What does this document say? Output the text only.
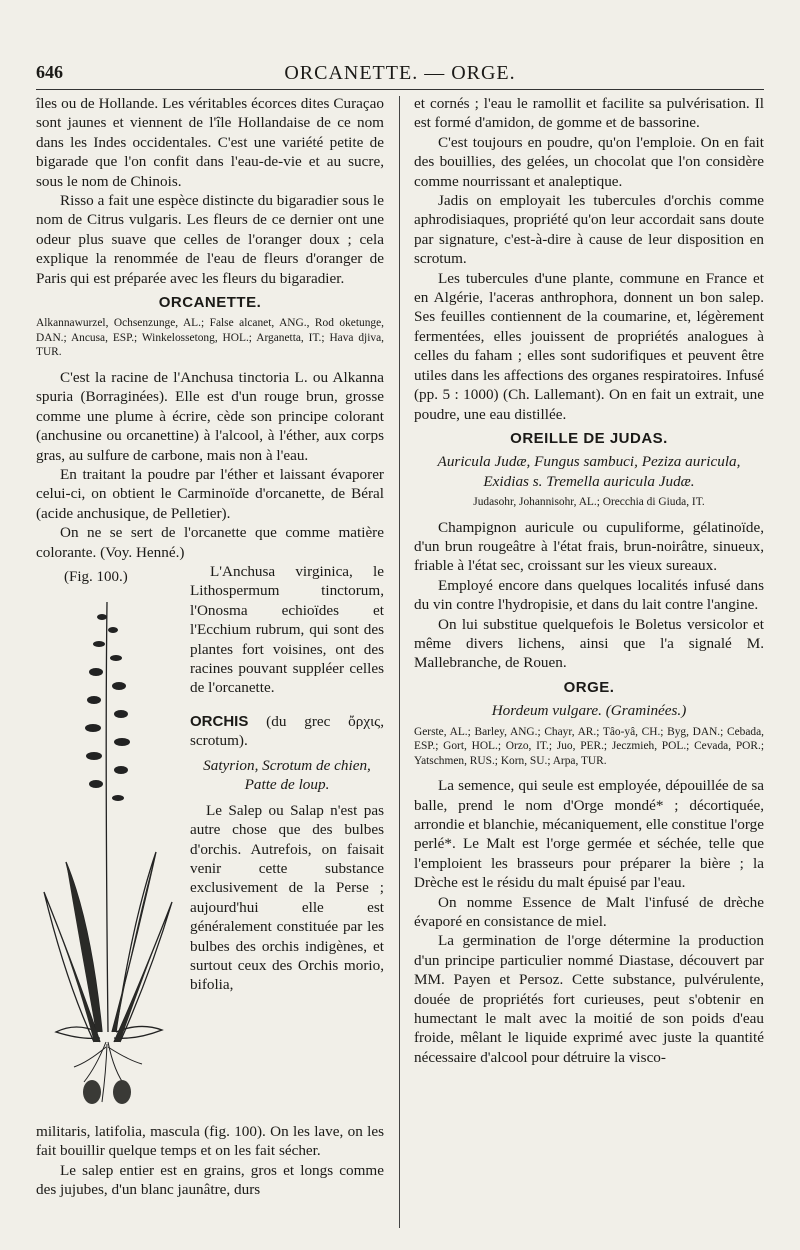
646	ORCANETTE. — ORGE.

îles ou de Hollande. Les véritables écorces dites Curaçao sont jaunes et viennent de l'île Hollandaise de ce nom dans les Indes occidentales. C'est une variété petite de bigarade que l'on confit dans l'eau-de-vie et au sucre, sous le nom de Chinois.

Risso a fait une espèce distincte du bigaradier sous le nom de Citrus vulgaris. Les fleurs de ce dernier ont une odeur plus suave que celles de l'oranger doux ; cela explique la renommée de l'eau de fleurs d'oranger de Paris qui est préparée avec les fleurs du bigaradier.

ORCANETTE.

Alkannawurzel, Ochsenzunge, AL.; False alcanet, ANG., Rod oketunge, DAN.; Ancusa, ESP.; Winkelossetong, HOL.; Arganetta, IT.; Hava djiva, TUR.

C'est la racine de l'Anchusa tinctoria L. ou Alkanna spuria (Borraginées). Elle est d'un rouge brun, grosse comme une plume à écrire, cède son principe colorant (anchusine ou orcanettine) à l'alcool, à l'éther, aux corps gras, au sulfure de carbone, mais non à l'eau.

En traitant la poudre par l'éther et laissant évaporer celui-ci, on obtient le Carminoïde d'orcanette, de Béral (acide anchusique, de Pelletier).

On ne se sert de l'orcanette que comme matière colorante. (Voy. Henné.)

(Fig. 100.)	L'Anchusa virginica, le Lithospermum tinctorum, l'Onosma echioïdes et l'Ecchium rubrum, qui sont des plantes fort voisines, ont des racines pouvant suppléer celles de l'orcanette.

ORCHIS (du grec ὄρχις, scrotum).

Satyrion, Scrotum de chien, Patte de loup.

Le Salep ou Salap n'est pas autre chose que des bulbes d'orchis. Autrefois, on faisait venir cette substance exclusivement de la Perse ; aujourd'hui elle est généralement constituée par les bulbes des orchis indigènes, et surtout ceux des Orchis morio, bifolia,

militaris, latifolia, mascula (fig. 100). On les lave, on les fait bouillir quelque temps et on les fait sécher.

Le salep entier est en grains, gros et longs comme des jujubes, d'un blanc jaunâtre, durs

et cornés ; l'eau le ramollit et facilite sa pulvérisation. Il est formé d'amidon, de gomme et de bassorine.

C'est toujours en poudre, qu'on l'emploie. On en fait des bouillies, des gelées, un chocolat que l'on considère comme nourrissant et analeptique.

Jadis on employait les tubercules d'orchis comme aphrodisiaques, propriété qu'on leur accordait sans doute par signature, c'est-à-dire à cause de leur disposition en scrotum.

Les tubercules d'une plante, commune en France et en Algérie, l'aceras anthrophora, donnent un bon salep. Ses feuilles contiennent de la coumarine, et, légèrement fermentées, elles jouissent de propriétés analogues à celles du faham ; elles sont sudorifiques et peuvent être utiles dans les affections des organes respiratoires. Infusé (pp. 5 : 1000) (Ch. Lallemant). On en fait un extrait, une poudre, une eau distillée.

OREILLE DE JUDAS.

Auricula Judæ, Fungus sambuci, Peziza auricula, Exidias s. Tremella auricula Judæ.

Judasohr, Johannisohr, AL.; Orecchia di Giuda, IT.

Champignon auricule ou cupuliforme, gélatinoïde, d'un brun rougeâtre à l'état frais, brun-noirâtre, sinueux, friable à l'état sec, croissant sur les vieux sureaux.

Employé encore dans quelques localités infusé dans du vin contre l'hydropisie, et dans du lait contre l'angine.

On lui substitue quelquefois le Boletus versicolor et même divers lichens, ainsi que l'a signalé M. Mallebranche, de Rouen.

ORGE.

Hordeum vulgare. (Graminées.)

Gerste, AL.; Barley, ANG.; Chayr, AR.; Tâo-yâ, CH.; Byg, DAN.; Cebada, ESP.; Gort, HOL.; Orzo, IT.; Juo, PER.; Jeczmieh, POL.; Cevada, POR.; Yatschmen, RUS.; Korn, SU.; Arpa, TUR.

La semence, qui seule est employée, dépouillée de sa balle, prend le nom d'Orge mondé* ; décortiquée, arrondie et blanchie, mécaniquement, elle constitue l'orge perlé*. Le Malt est l'orge germée et séchée, telle que l'emploient les brasseurs pour préparer la bière ; la Drèche est le résidu du malt épuisé par l'eau.

On nomme Essence de Malt l'infusé de drèche évaporé en consistance de miel.

La germination de l'orge détermine la production d'un principe particulier nommé Diastase, découvert par MM. Payen et Persoz. Cette substance, pulvérulente, douée de propriétés fort curieuses, peut s'obtenir en humectant le malt avec la moitié de son poids d'eau froide, mêlant le liquide exprimé avec juste la quantité nécessaire d'alcool pour détruire la visco-
